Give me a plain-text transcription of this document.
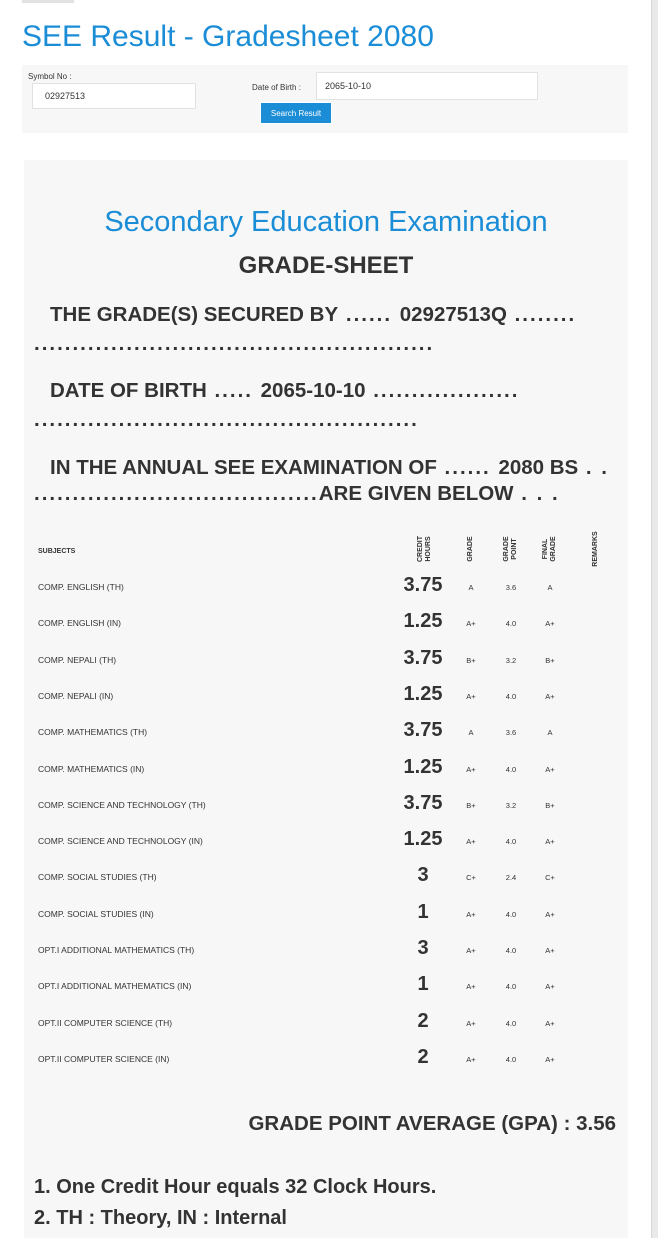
SEE Result - Gradesheet 2080
Symbol No :
02927513
Date of Birth :
2065-10-10
Search Result
Secondary Education Examination
GRADE-SHEET
THE GRADE(S) SECURED BY ...... 02927513Q ........
....................................................
DATE OF BIRTH ..... 2065-10-10 ...................
..................................................
IN THE ANNUAL SEE EXAMINATION OF ...... 2080 BS . .
.....................................ARE GIVEN BELOW . . .
SUBJECTS	CREDIT HOURS	GRADE	GRADE POINT	FINAL GRADE	REMARKS
COMP. ENGLISH (TH)	3.75	A	3.6	A
COMP. ENGLISH (IN)	1.25	A+	4.0	A+
COMP. NEPALI (TH)	3.75	B+	3.2	B+
COMP. NEPALI (IN)	1.25	A+	4.0	A+
COMP. MATHEMATICS (TH)	3.75	A	3.6	A
COMP. MATHEMATICS (IN)	1.25	A+	4.0	A+
COMP. SCIENCE AND TECHNOLOGY (TH)	3.75	B+	3.2	B+
COMP. SCIENCE AND TECHNOLOGY (IN)	1.25	A+	4.0	A+
COMP. SOCIAL STUDIES (TH)	3	C+	2.4	C+
COMP. SOCIAL STUDIES (IN)	1	A+	4.0	A+
OPT.I ADDITIONAL MATHEMATICS (TH)	3	A+	4.0	A+
OPT.I ADDITIONAL MATHEMATICS (IN)	1	A+	4.0	A+
OPT.II COMPUTER SCIENCE (TH)	2	A+	4.0	A+
OPT.II COMPUTER SCIENCE (IN)	2	A+	4.0	A+
GRADE POINT AVERAGE (GPA) : 3.56
1. One Credit Hour equals 32 Clock Hours.
2. TH : Theory, IN : Internal
